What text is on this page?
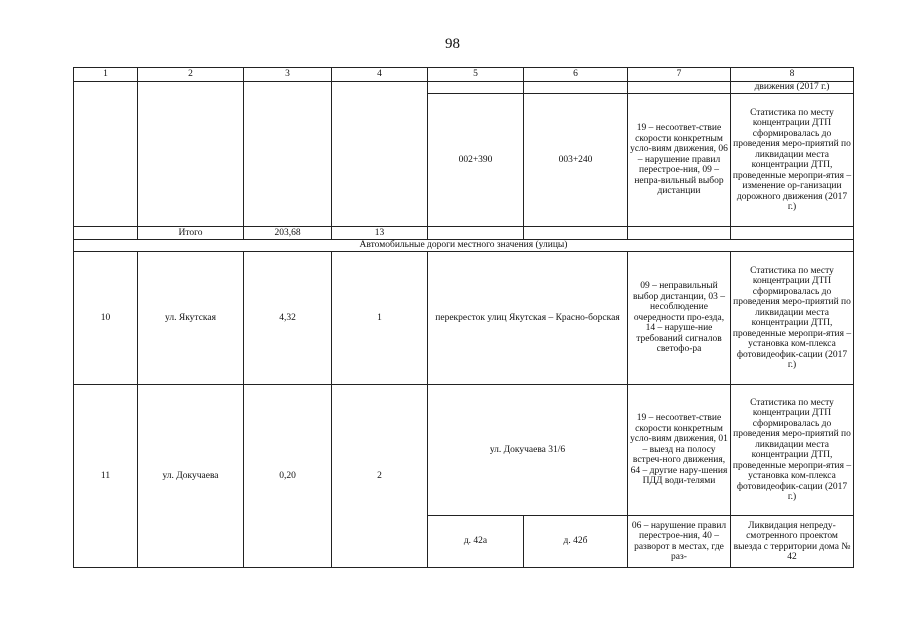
98
1	2	3	4	5	6	7	8
							движения (2017 г.)
				002+390	003+240	19 – несоответ-ствие скорости конкретным усло-виям движения, 06 – нарушение правил перестрое-ния, 09 – непра-вильный выбор дистанции	Статистика по месту концентрации ДТП сформировалась до проведения меро-приятий по ликвидации места концентрации ДТП, проведенные меропри-ятия – изменение ор-ганизации дорожного движения (2017 г.)
	Итого	203,68	13				
Автомобильные дороги местного значения (улицы)							
10	ул. Якутская	4,32	1	перекресток улиц Якутская – Красно-борская		09 – неправильный выбор дистанции, 03 – несоблюдение очередности про-езда, 14 – наруше-ние требований сигналов светофо-ра	Статистика по месту концентрации ДТП сформировалась до проведения меро-приятий по ликвидации места концентрации ДТП, проведенные меропри-ятия – установка ком-плекса фотовидеофик-сации (2017 г.)
11	ул. Докучаева	0,20	2	ул. Докучаева 31/6		19 – несоответ-ствие скорости конкретным усло-виям движения, 01 – выезд на полосу встреч-ного движения, 64 – другие нару-шения ПДД води-телями	Статистика по месту концентрации ДТП сформировалась до проведения меро-приятий по ликвидации места концентрации ДТП, проведенные меропри-ятия – установка ком-плекса фотовидеофик-сации (2017 г.)
				д. 42а	д. 42б	06 – нарушение правил перестрое-ния, 40 – разворот в местах, где раз-	Ликвидация непреду-смотренного проектом выезда с территории дома № 42
